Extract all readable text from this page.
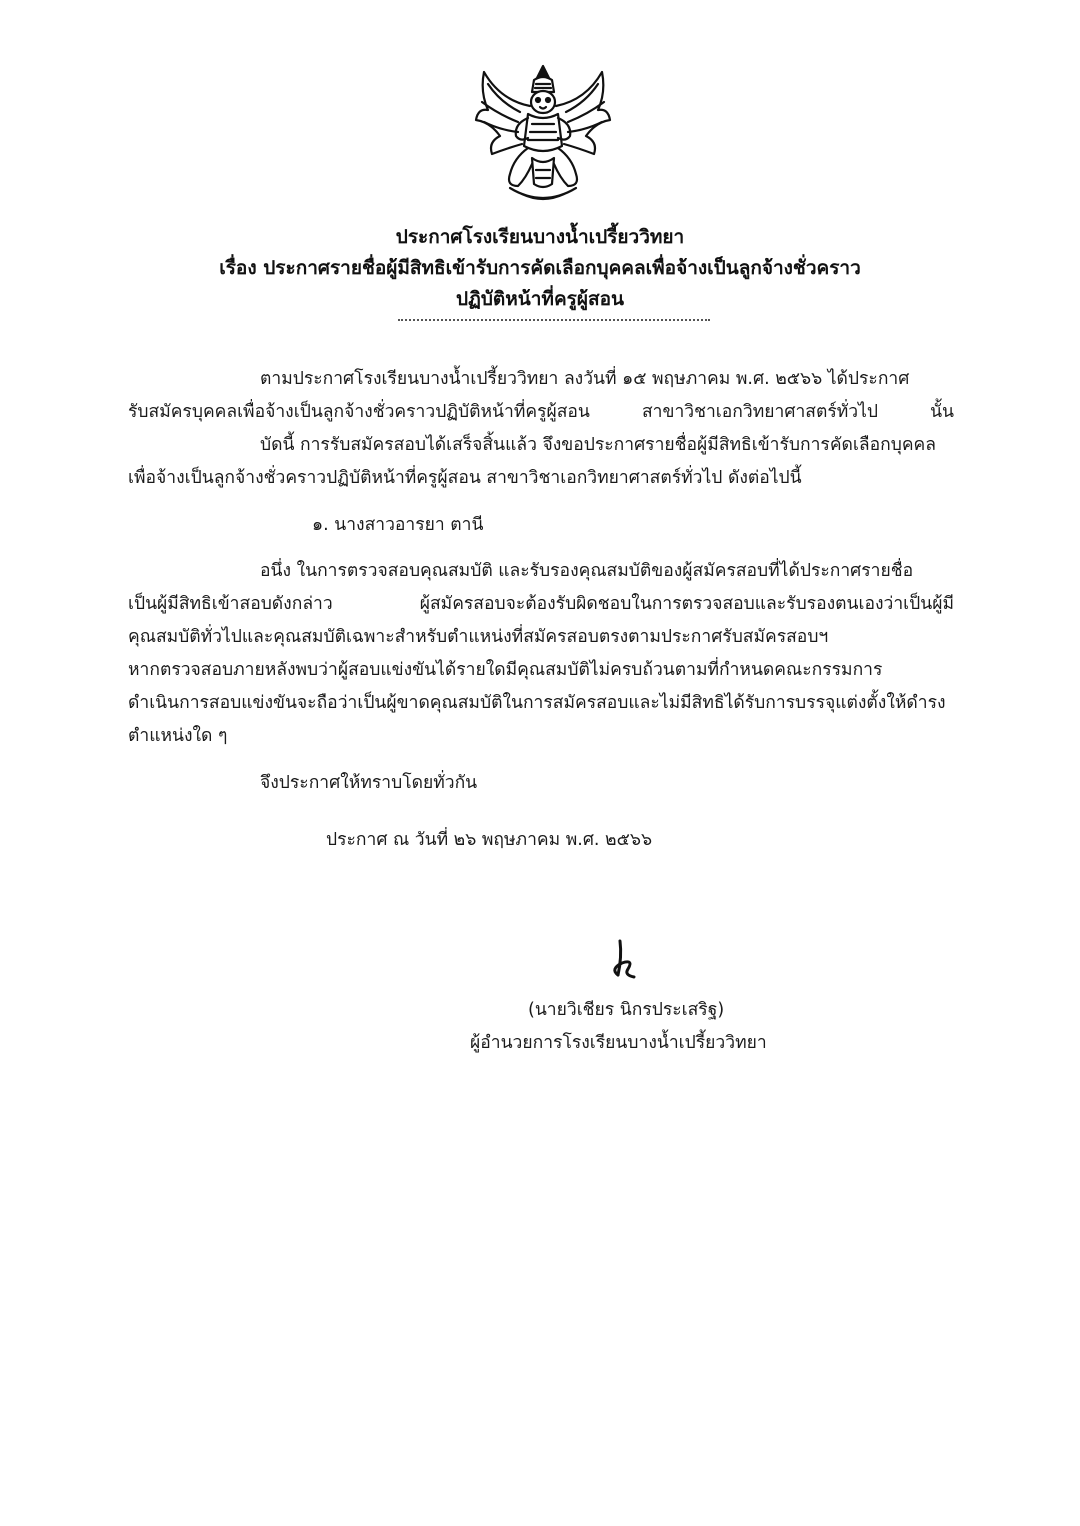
ประกาศโรงเรียนบางน้ำเปรี้ยววิทยา
เรื่อง ประกาศรายชื่อผู้มีสิทธิเข้ารับการคัดเลือกบุคคลเพื่อจ้างเป็นลูกจ้างชั่วคราว
ปฏิบัติหน้าที่ครูผู้สอน
ตามประกาศโรงเรียนบางน้ำเปรี้ยววิทยา ลงวันที่ ๑๕ พฤษภาคม พ.ศ. ๒๕๖๖ ได้ประกาศ
รับสมัครบุคคลเพื่อจ้างเป็นลูกจ้างชั่วคราวปฏิบัติหน้าที่ครูผู้สอน สาขาวิชาเอกวิทยาศาสตร์ทั่วไป นั้น
บัดนี้ การรับสมัครสอบได้เสร็จสิ้นแล้ว จึงขอประกาศรายชื่อผู้มีสิทธิเข้ารับการคัดเลือกบุคคล
เพื่อจ้างเป็นลูกจ้างชั่วคราวปฏิบัติหน้าที่ครูผู้สอน สาขาวิชาเอกวิทยาศาสตร์ทั่วไป ดังต่อไปนี้
๑. นางสาวอารยา ตานี
อนึ่ง ในการตรวจสอบคุณสมบัติ และรับรองคุณสมบัติของผู้สมัครสอบที่ได้ประกาศรายชื่อ
เป็นผู้มีสิทธิเข้าสอบดังกล่าว ผู้สมัครสอบจะต้องรับผิดชอบในการตรวจสอบและรับรองตนเองว่าเป็นผู้มี
คุณสมบัติทั่วไปและคุณสมบัติเฉพาะสำหรับตำแหน่งที่สมัครสอบตรงตามประกาศรับสมัครสอบฯ
หากตรวจสอบภายหลังพบว่าผู้สอบแข่งขันได้รายใดมีคุณสมบัติไม่ครบถ้วนตามที่กำหนดคณะกรรมการ
ดำเนินการสอบแข่งขันจะถือว่าเป็นผู้ขาดคุณสมบัติในการสมัครสอบและไม่มีสิทธิได้รับการบรรจุแต่งตั้งให้ดำรง
ตำแหน่งใด ๆ
จึงประกาศให้ทราบโดยทั่วกัน
ประกาศ ณ วันที่ ๒๖ พฤษภาคม พ.ศ. ๒๕๖๖
(นายวิเชียร นิกรประเสริฐ)
ผู้อำนวยการโรงเรียนบางน้ำเปรี้ยววิทยา
